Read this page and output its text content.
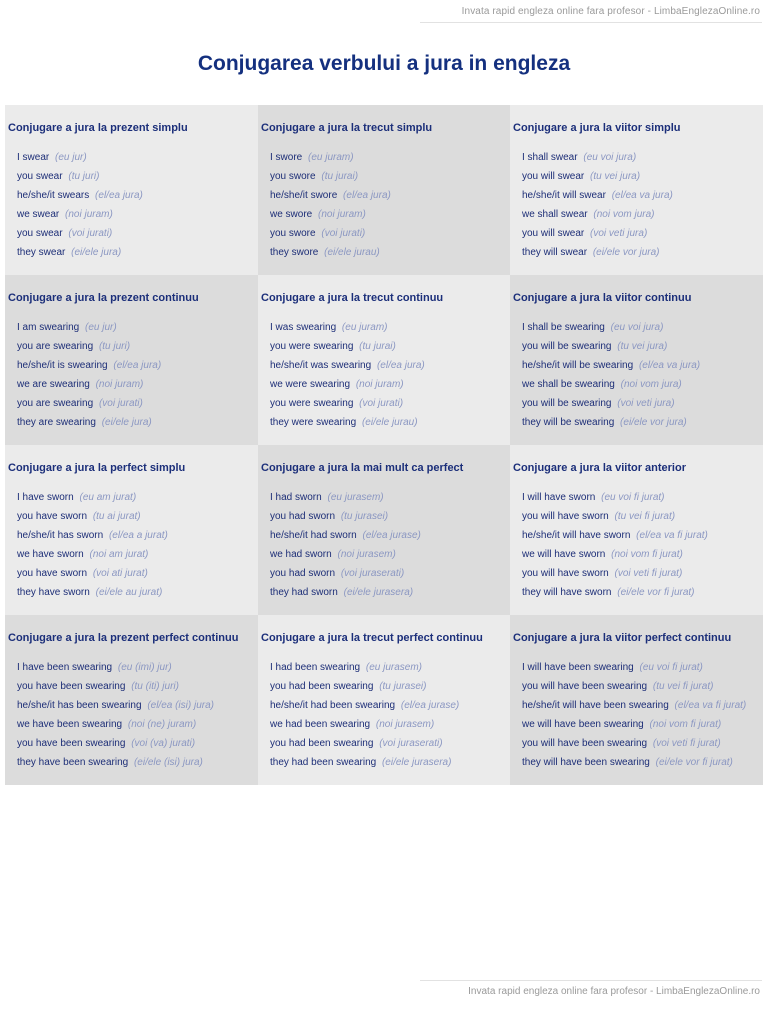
Invata rapid engleza online fara profesor - LimbaEnglezaOnline.ro
Conjugarea verbului a jura in engleza
Conjugare a jura la prezent simplu
I swear (eu jur)
you swear (tu juri)
he/she/it swears (el/ea jura)
we swear (noi juram)
you swear (voi jurati)
they swear (ei/ele jura)
Conjugare a jura la trecut simplu
I swore (eu juram)
you swore (tu jurai)
he/she/it swore (el/ea jura)
we swore (noi juram)
you swore (voi jurati)
they swore (ei/ele jurau)
Conjugare a jura la viitor simplu
I shall swear (eu voi jura)
you will swear (tu vei jura)
he/she/it will swear (el/ea va jura)
we shall swear (noi vom jura)
you will swear (voi veti jura)
they will swear (ei/ele vor jura)
Conjugare a jura la prezent continuu
I am swearing (eu jur)
you are swearing (tu juri)
he/she/it is swearing (el/ea jura)
we are swearing (noi juram)
you are swearing (voi jurati)
they are swearing (ei/ele jura)
Conjugare a jura la trecut continuu
I was swearing (eu juram)
you were swearing (tu jurai)
he/she/it was swearing (el/ea jura)
we were swearing (noi juram)
you were swearing (voi jurati)
they were swearing (ei/ele jurau)
Conjugare a jura la viitor continuu
I shall be swearing (eu voi jura)
you will be swearing (tu vei jura)
he/she/it will be swearing (el/ea va jura)
we shall be swearing (noi vom jura)
you will be swearing (voi veti jura)
they will be swearing (ei/ele vor jura)
Conjugare a jura la perfect simplu
I have sworn (eu am jurat)
you have sworn (tu ai jurat)
he/she/it has sworn (el/ea a jurat)
we have sworn (noi am jurat)
you have sworn (voi ati jurat)
they have sworn (ei/ele au jurat)
Conjugare a jura la mai mult ca perfect
I had sworn (eu jurasem)
you had sworn (tu jurasei)
he/she/it had sworn (el/ea jurase)
we had sworn (noi jurasem)
you had sworn (voi juraserati)
they had sworn (ei/ele jurasera)
Conjugare a jura la viitor anterior
I will have sworn (eu voi fi jurat)
you will have sworn (tu vei fi jurat)
he/she/it will have sworn (el/ea va fi jurat)
we will have sworn (noi vom fi jurat)
you will have sworn (voi veti fi jurat)
they will have sworn (ei/ele vor fi jurat)
Conjugare a jura la prezent perfect continuu
I have been swearing (eu (imi) jur)
you have been swearing (tu (iti) juri)
he/she/it has been swearing (el/ea (isi) jura)
we have been swearing (noi (ne) juram)
you have been swearing (voi (va) jurati)
they have been swearing (ei/ele (isi) jura)
Conjugare a jura la trecut perfect continuu
I had been swearing (eu jurasem)
you had been swearing (tu jurasei)
he/she/it had been swearing (el/ea jurase)
we had been swearing (noi jurasem)
you had been swearing (voi juraserati)
they had been swearing (ei/ele jurasera)
Conjugare a jura la viitor perfect continuu
I will have been swearing (eu voi fi jurat)
you will have been swearing (tu vei fi jurat)
he/she/it will have been swearing (el/ea va fi jurat)
we will have been swearing (noi vom fi jurat)
you will have been swearing (voi veti fi jurat)
they will have been swearing (ei/ele vor fi jurat)
Invata rapid engleza online fara profesor - LimbaEnglezaOnline.ro
